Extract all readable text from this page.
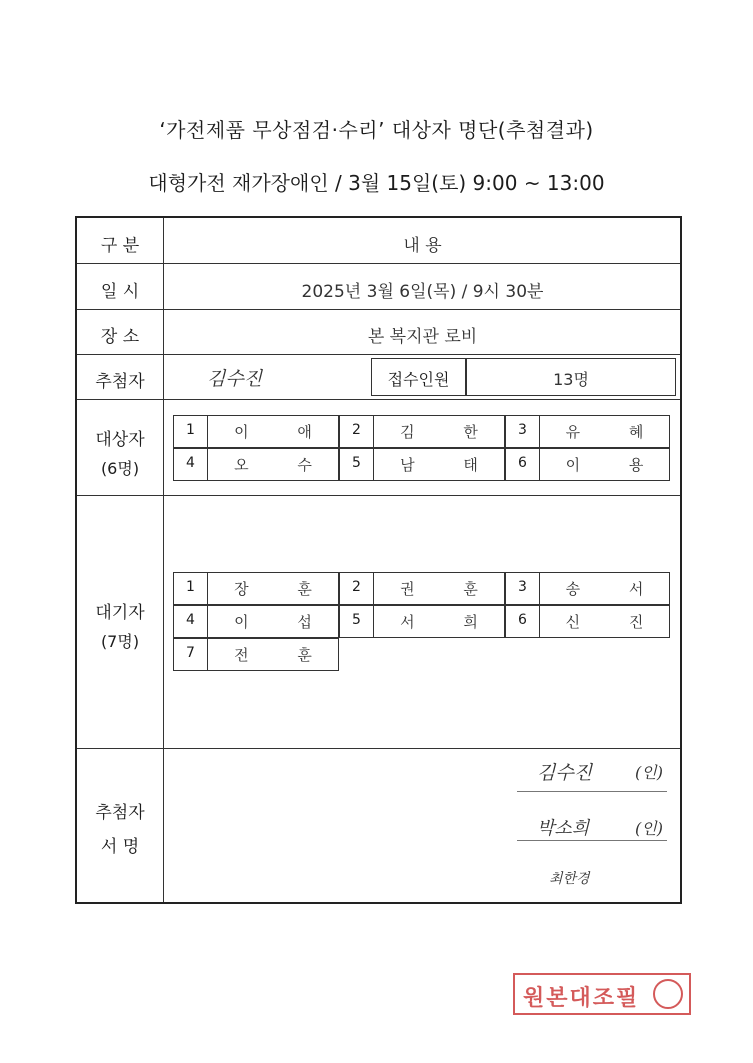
‘가전제품 무상점검·수리’ 대상자 명단(추첨결과)
대형가전 재가장애인 / 3월 15일(토) 9:00 ~ 13:00
구 분	내 용
일 시	2025년 3월 6일(목) / 9시 30분
장 소	본 복지관 로비
추첨자	김수진	접수인원	13명
대상자
(6명)
1	이 애	2	김 한	3	유 혜
4	오 수	5	남 태	6	이 용
대기자
(7명)
1	장 훈	2	권 훈	3	송 서
4	이 섭	5	서 희	6	신 진
7	전 훈
추첨자
서 명
김수진	(인)
박소희	(인)
최한경
원본대조필
